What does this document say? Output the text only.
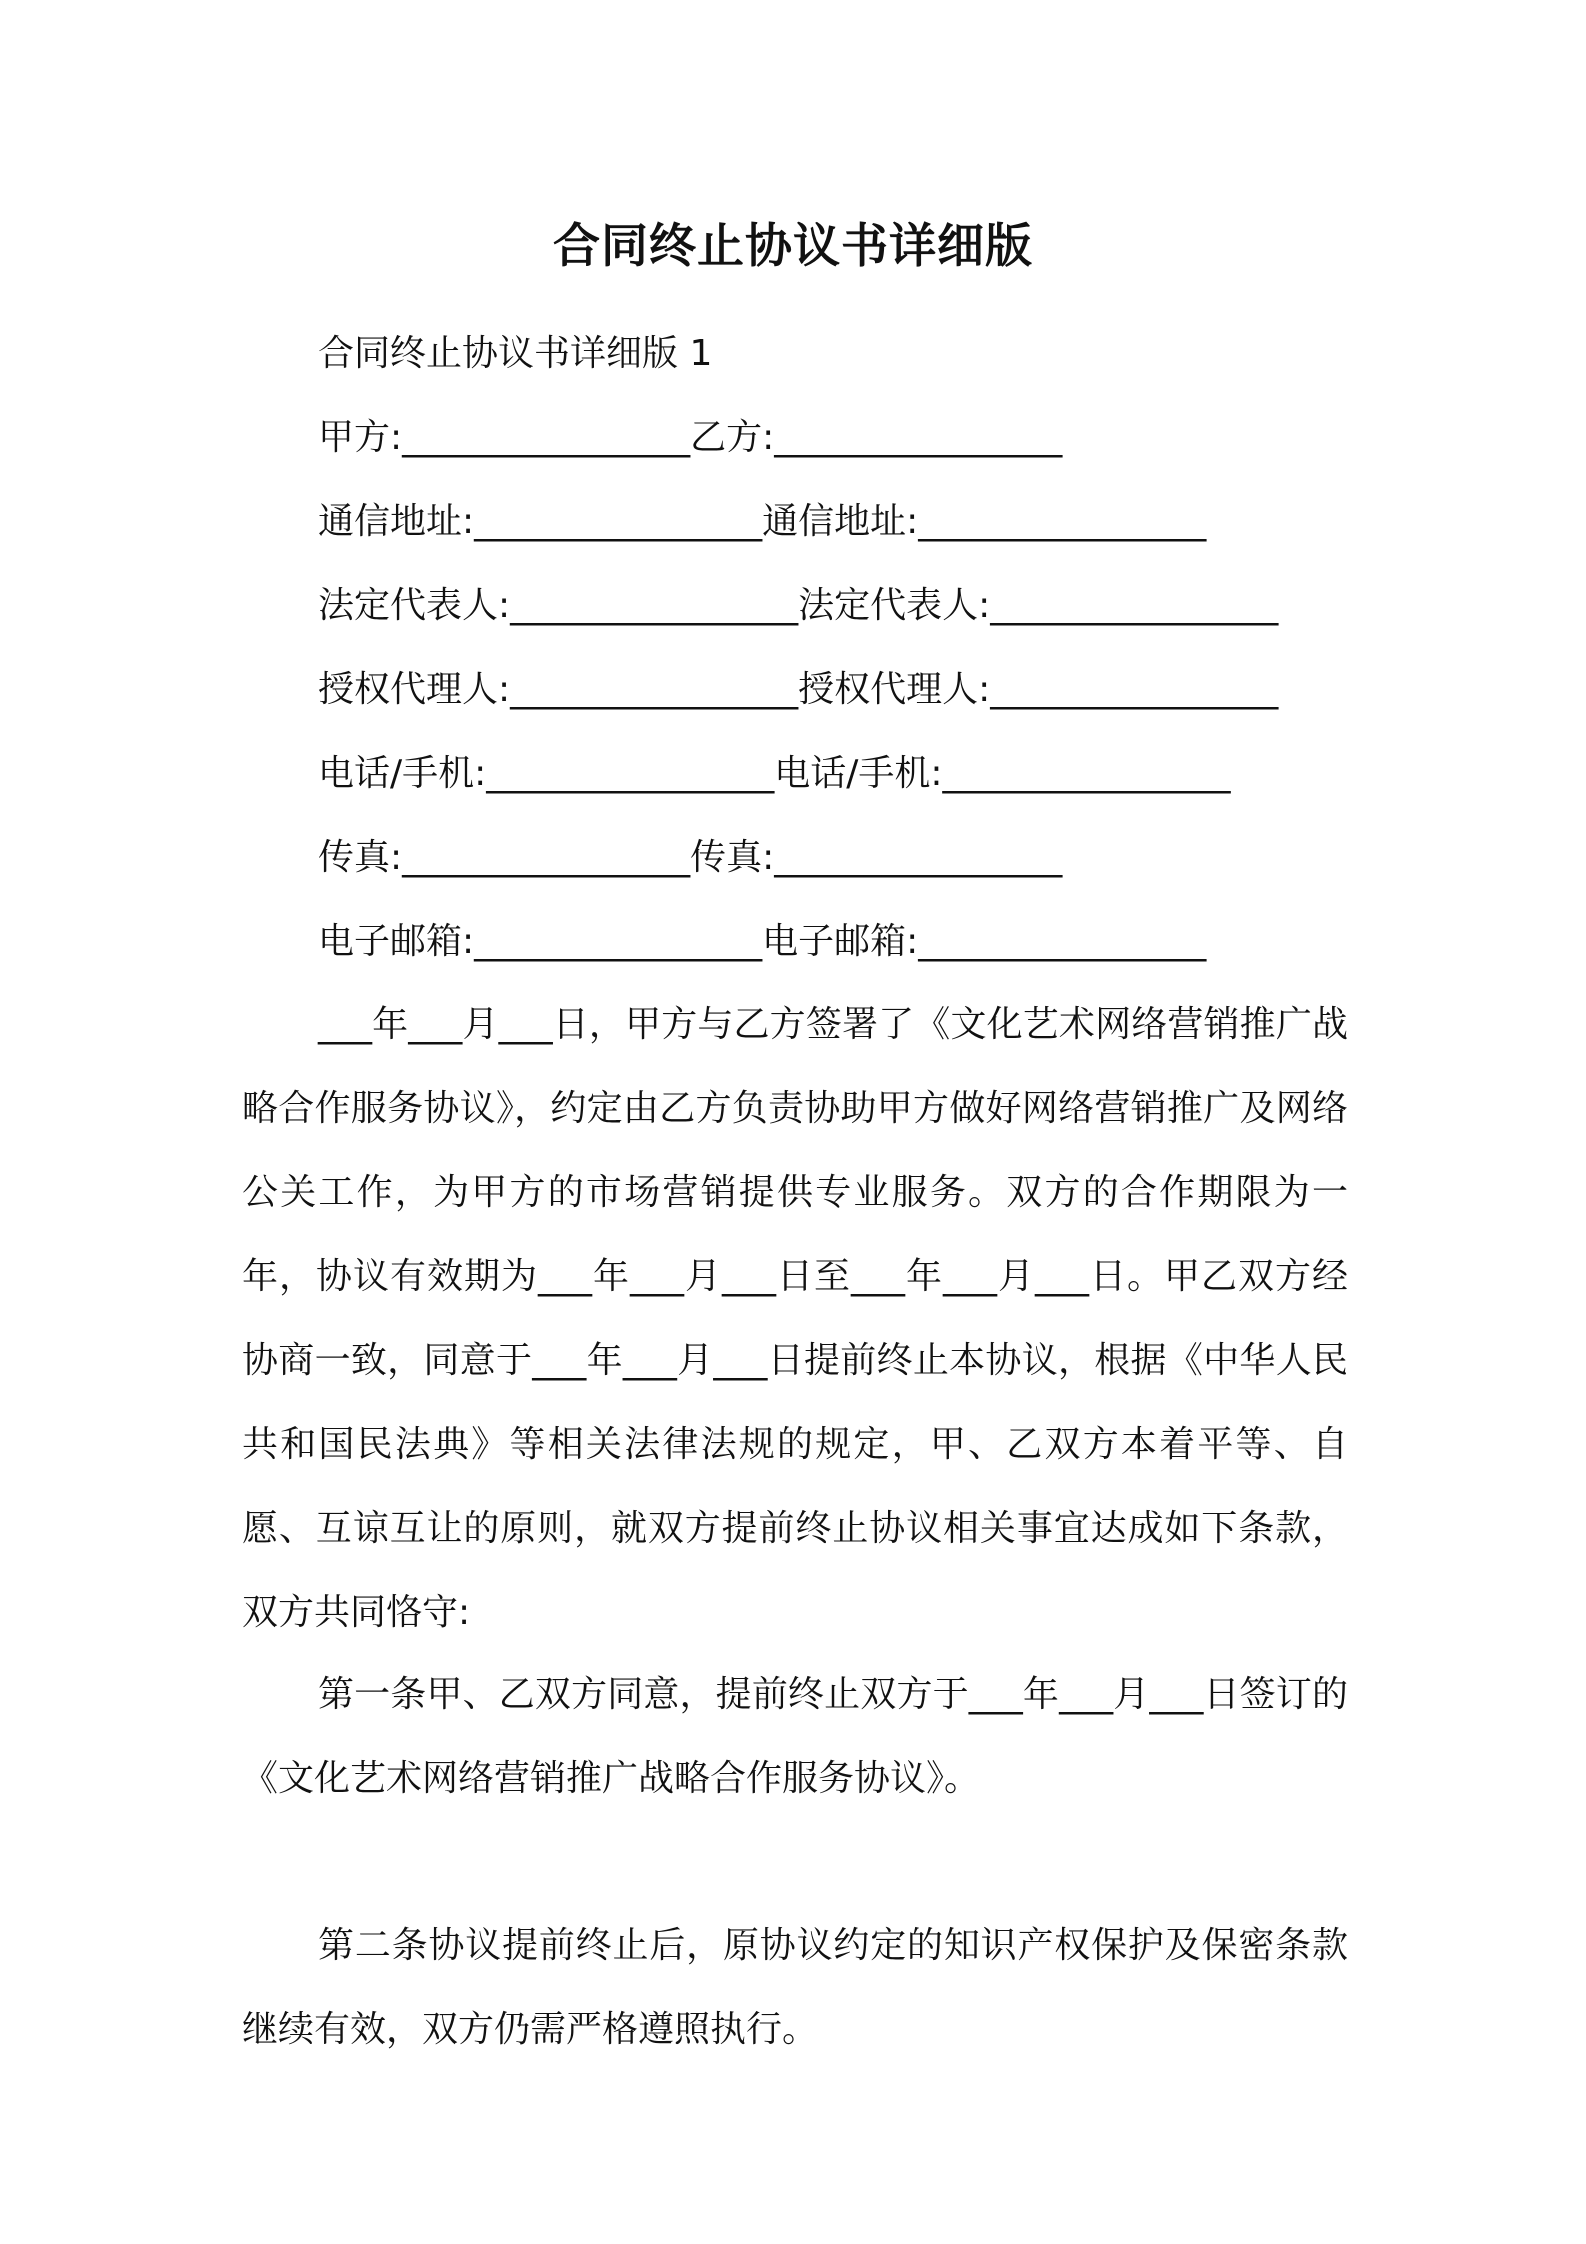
合同终止协议书详细版
合同终止协议书详细版 1
甲方:________________乙方:________________
通信地址:________________通信地址:________________
法定代表人:________________法定代表人:________________
授权代理人:________________授权代理人:________________
电话/手机:________________电话/手机:________________
传真:________________传真:________________
电子邮箱:________________电子邮箱:________________

___年___月___日，甲方与乙方签署了《文化艺术网络营销推广战略合作服务协议》，约定由乙方负责协助甲方做好网络营销推广及网络公关工作，为甲方的市场营销提供专业服务。双方的合作期限为一年，协议有效期为___年___月___日至___年___月___日。甲乙双方经协商一致，同意于___年___月___日提前终止本协议，根据《中华人民共和国民法典》等相关法律法规的规定，甲、乙双方本着平等、自愿、互谅互让的原则，就双方提前终止协议相关事宜达成如下条款，双方共同恪守:

第一条甲、乙双方同意，提前终止双方于___年___月___日签订的《文化艺术网络营销推广战略合作服务协议》。

第二条协议提前终止后，原协议约定的知识产权保护及保密条款继续有效，双方仍需严格遵照执行。
